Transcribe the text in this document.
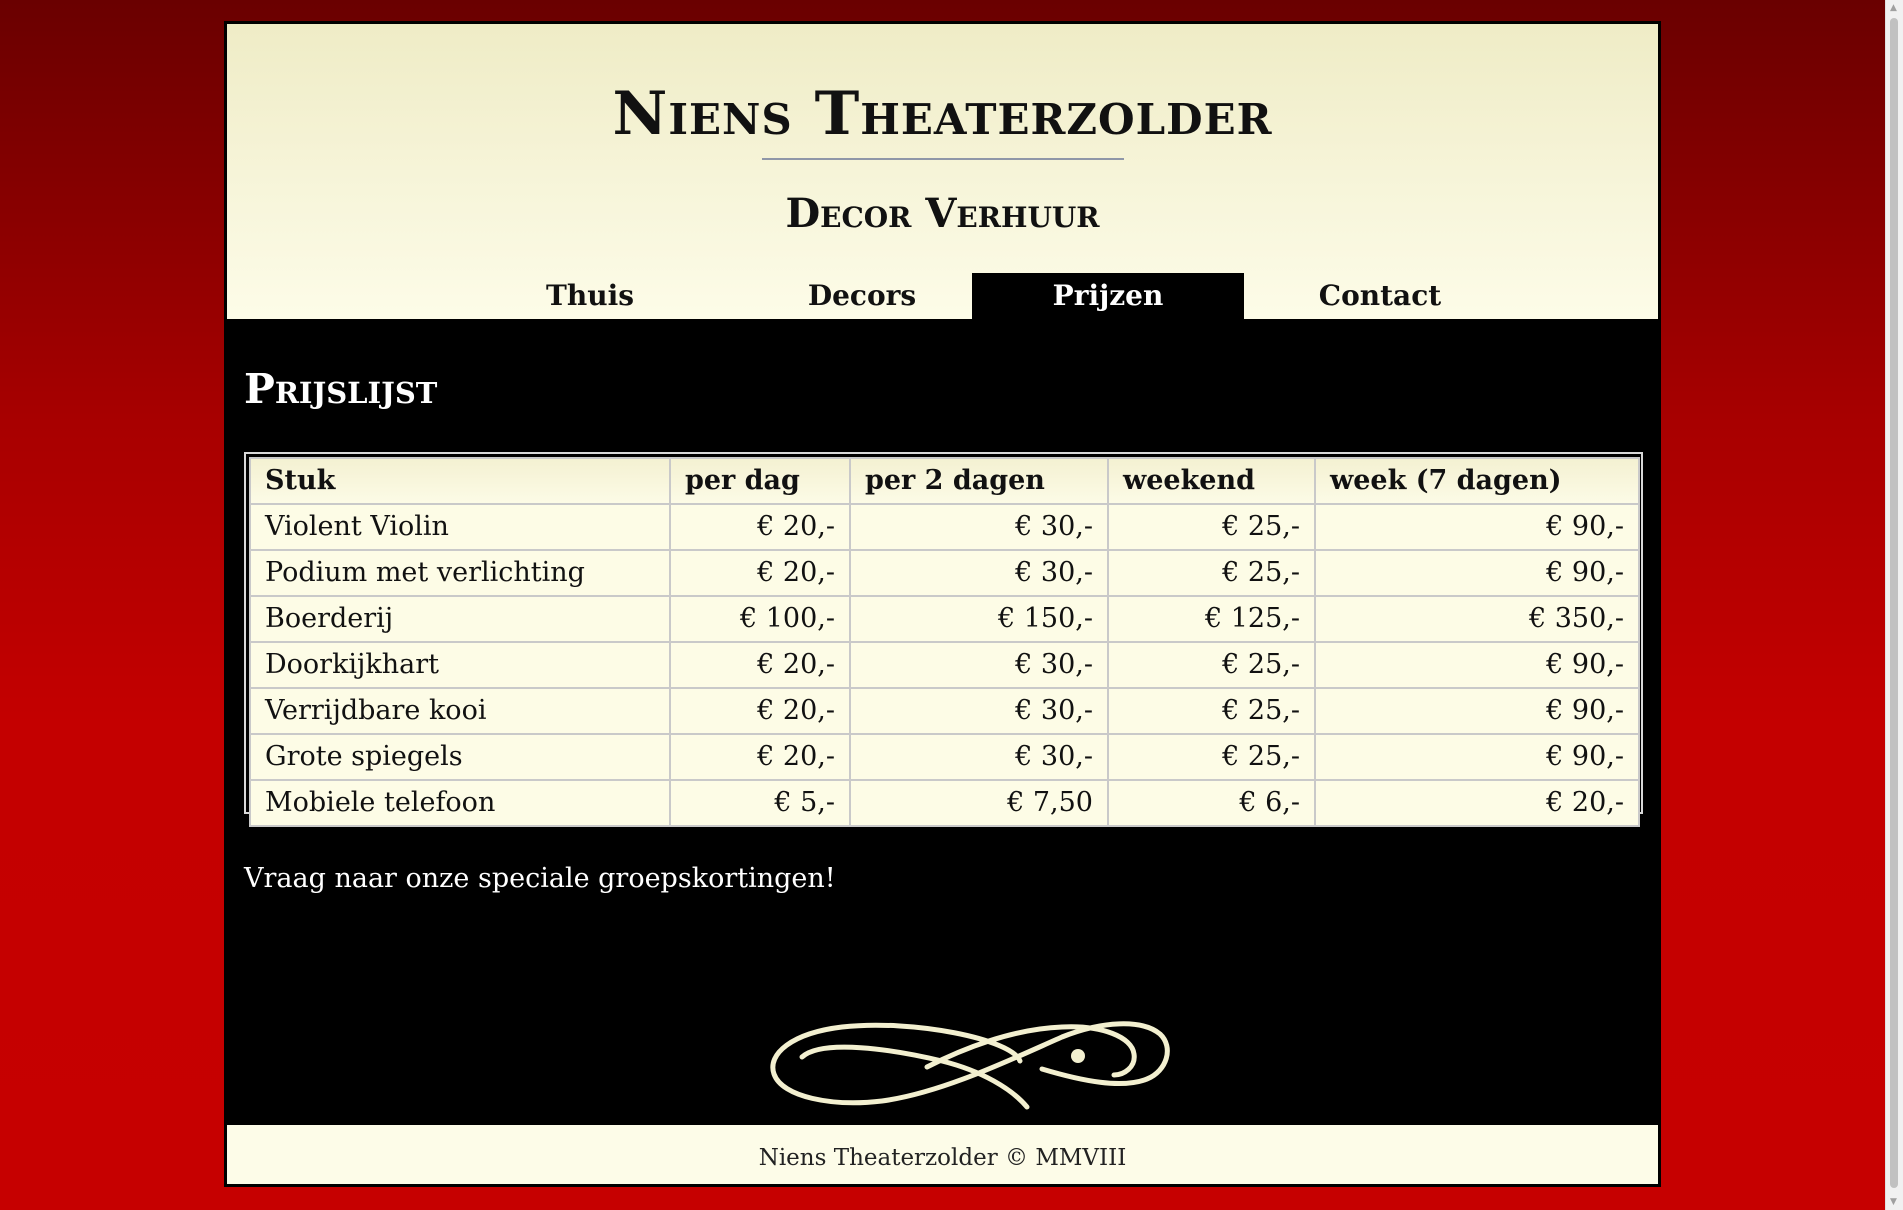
Niens Theaterzolder
Decor Verhuur
Thuis	Decors	Prijzen	Contact
Prijslijst
Stuk	per dag	per 2 dagen	weekend	week (7 dagen)
Violent Violin	€ 20,-	€ 30,-	€ 25,-	€ 90,-
Podium met verlichting	€ 20,-	€ 30,-	€ 25,-	€ 90,-
Boerderij	€ 100,-	€ 150,-	€ 125,-	€ 350,-
Doorkijkhart	€ 20,-	€ 30,-	€ 25,-	€ 90,-
Verrijdbare kooi	€ 20,-	€ 30,-	€ 25,-	€ 90,-
Grote spiegels	€ 20,-	€ 30,-	€ 25,-	€ 90,-
Mobiele telefoon	€ 5,-	€ 7,50	€ 6,-	€ 20,-

Vraag naar onze speciale groepskortingen!

Niens Theaterzolder © MMVIII
▲
▼
